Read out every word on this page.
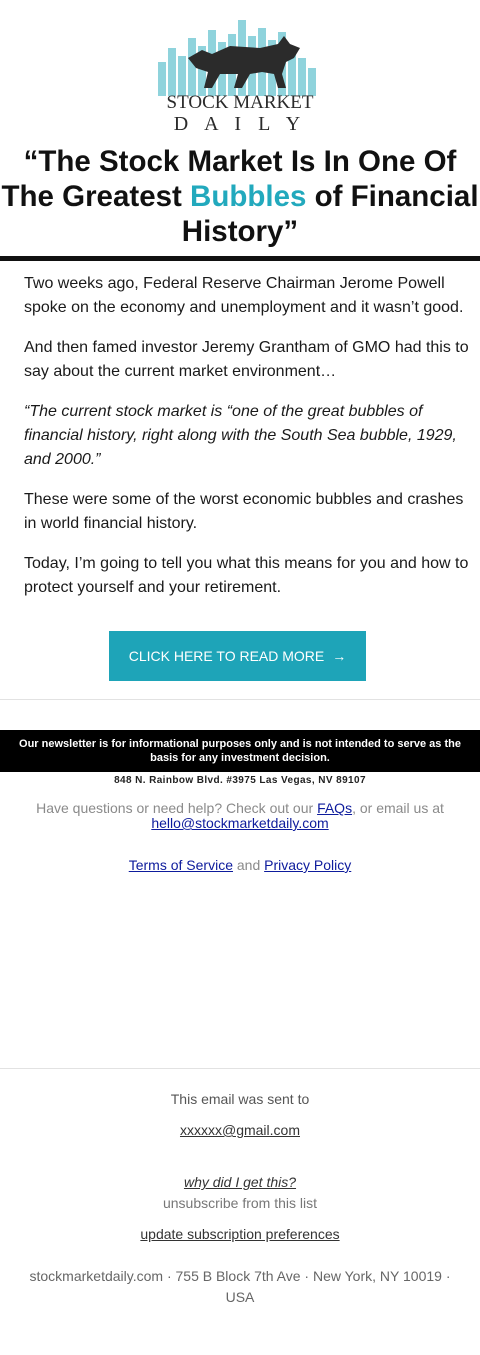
STOCK MARKET
D A I L Y
“The Stock Market Is In One Of The Greatest Bubbles of Financial History”

Two weeks ago, Federal Reserve Chairman Jerome Powell spoke on the economy and unemployment and it wasn’t good.

And then famed investor Jeremy Grantham of GMO had this to say about the current market environment…

“The current stock market is “one of the great bubbles of financial history, right along with the South Sea bubble, 1929, and 2000.”

These were some of the worst economic bubbles and crashes in world financial history.

Today, I’m going to tell you what this means for you and how to protect yourself and your retirement.

CLICK HERE TO READ MORE →
Our newsletter is for informational purposes only and is not intended to serve as the basis for any investment decision.
848 N. Rainbow Blvd. #3975 Las Vegas, NV 89107
Have questions or need help? Check out our FAQs, or email us at
hello@stockmarketdaily.com
Terms of Service and Privacy Policy
This email was sent to
xxxxxx@gmail.com
why did I get this?
unsubscribe from this list
update subscription preferences
stockmarketdaily.com · 755 B Block 7th Ave · New York, NY 10019 · USA
